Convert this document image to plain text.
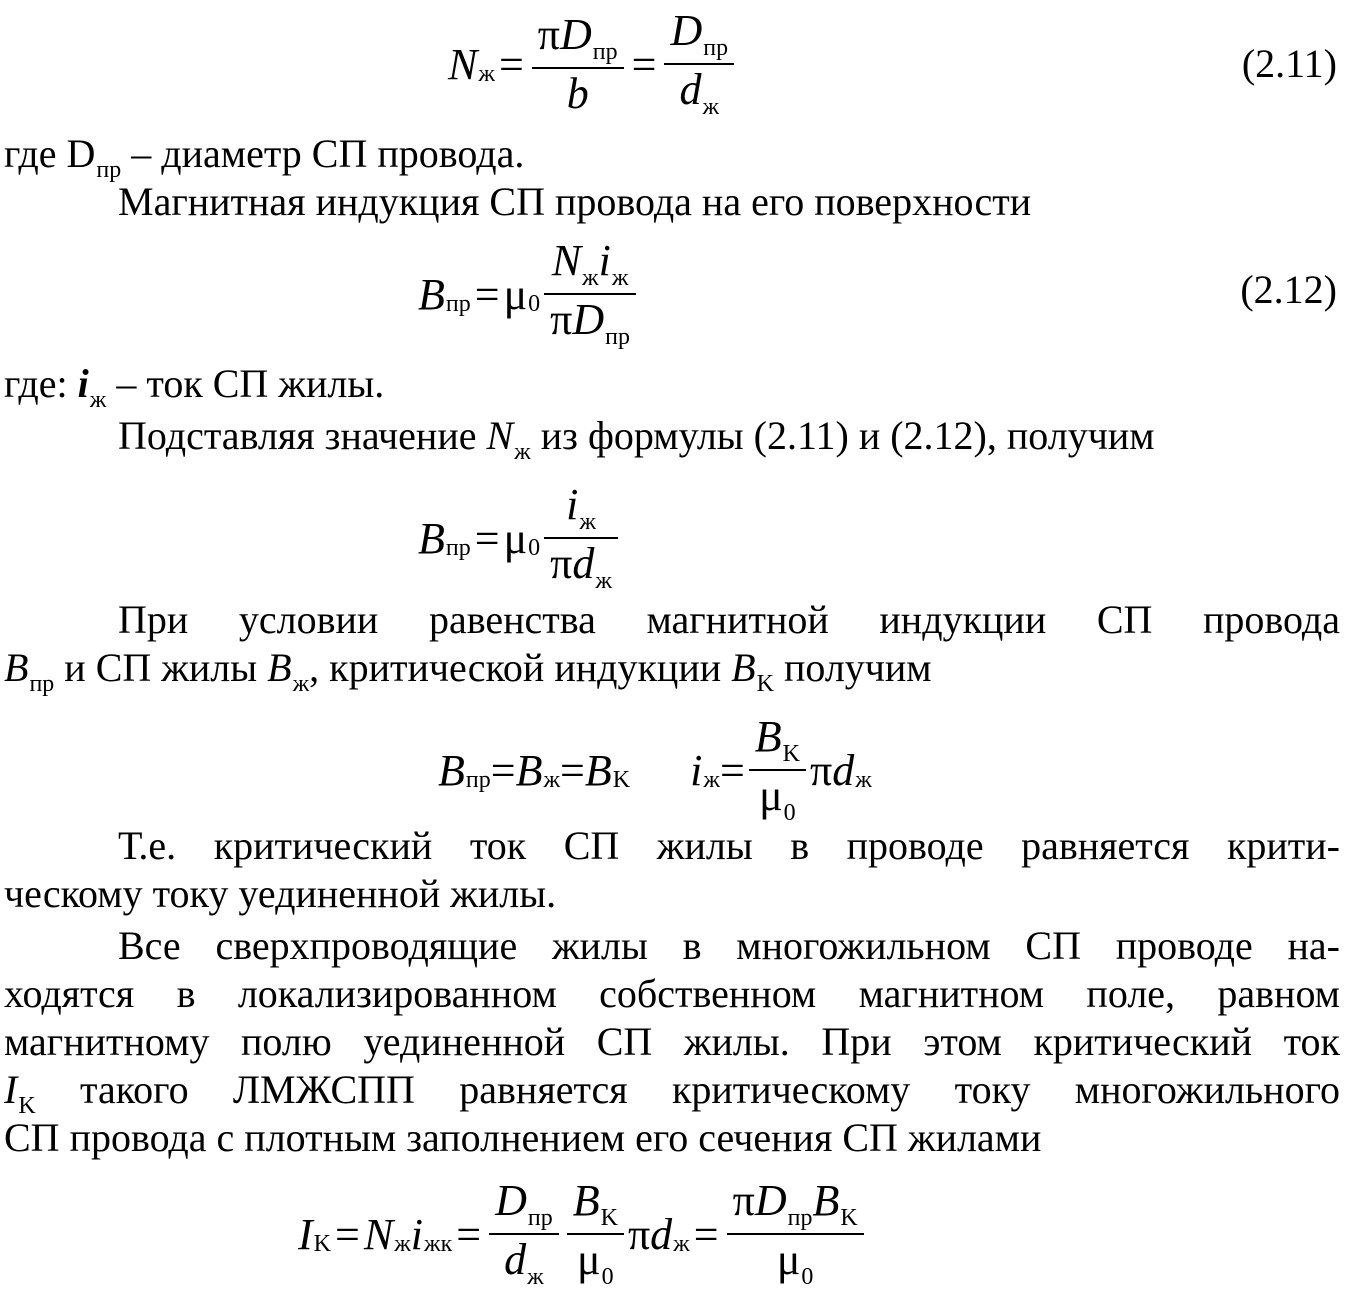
N $ж = \frac{\pi D_{пр}}{b} = \frac{D_{пр}}{d_ж}$	(2.11)
где $D_{пр}$ – диаметр СП провода.
Магнитная индукция СП провода на его поверхности
B пр = μ $0 \frac{N_жi_ж}{\pi D_{пр}}$	(2.12)
где: $i_ж$ – ток СП жилы.
Подставляя значение $N_ж$ из формулы (2.11) и (2.12), получим
B пр = μ $0 \frac{i_ж}{\pi d_ж}$
При условии равенства магнитной индукции СП провода
$B_{пр}$ и СП жилы $B_ж$, критической индукции $B_K$ получим
B пр = B ж = B K i $ж = \frac{B_K}{\mu_0}$ π d ж
Т.е. критический ток СП жилы в проводе равняется крити-
ческому току уединенной жилы.
Все сверхпроводящие жилы в многожильном СП проводе на-
ходятся в локализированном собственном магнитном поле, равном
магнитному полю уединенной СП жилы. При этом критический ток
$I_K$ такого ЛМЖСПП равняется критическому току многожильного
СП провода с плотным заполнением его сечения СП жилами
I K = N ж i жк = $\frac{D_{пр}}{d_ж} \frac{B_K}{\mu_0}$ π d $ж = \frac{\pi D_{пр}B_K}{\mu_0}$
